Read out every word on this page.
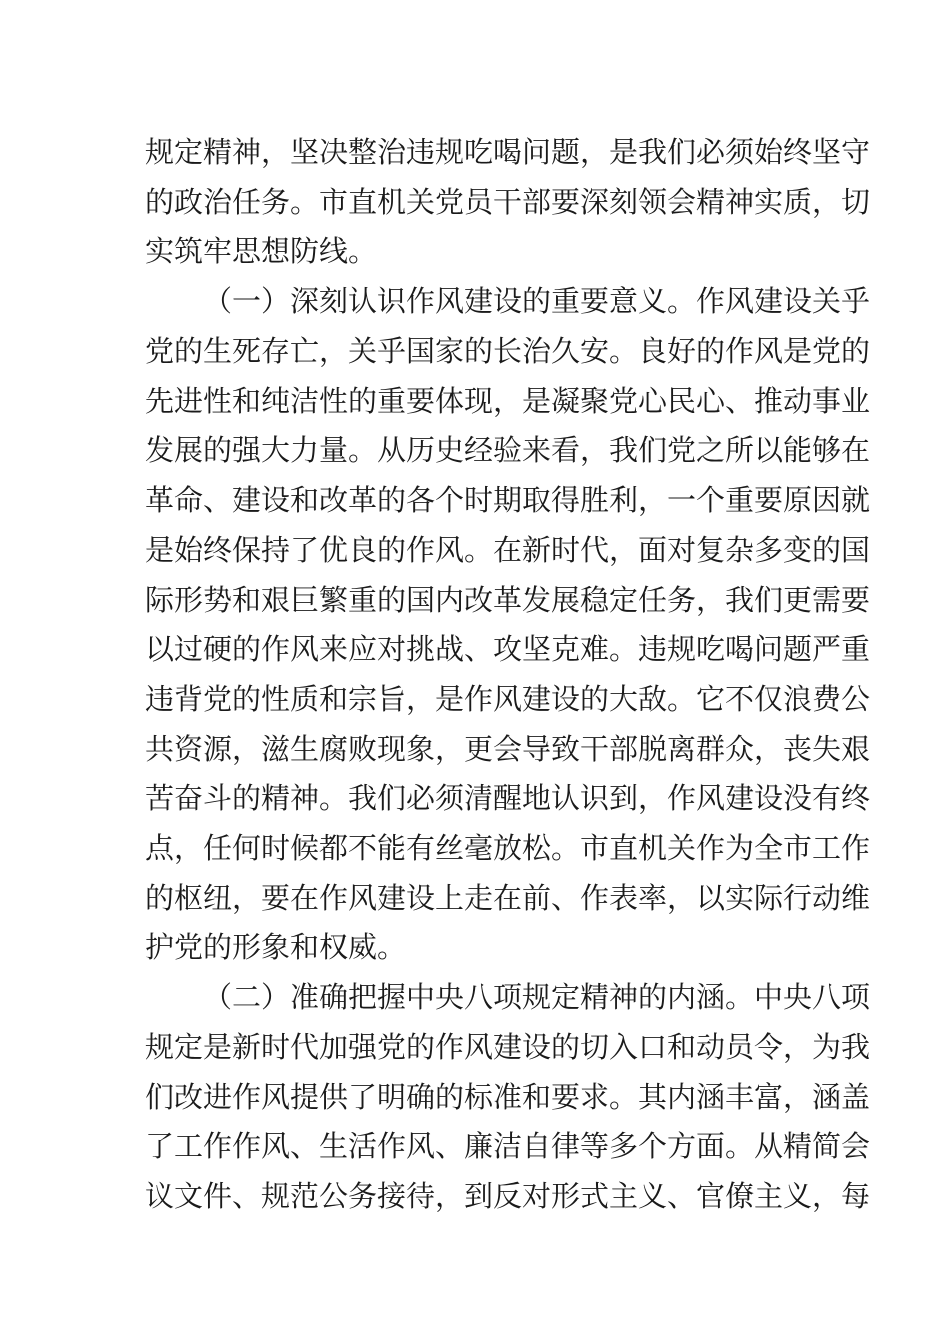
规定精神，坚决整治违规吃喝问题，是我们必须始终坚守
的政治任务。市直机关党员干部要深刻领会精神实质，切
实筑牢思想防线。
（一）深刻认识作风建设的重要意义。作风建设关乎
党的生死存亡，关乎国家的长治久安。良好的作风是党的
先进性和纯洁性的重要体现，是凝聚党心民心、推动事业
发展的强大力量。从历史经验来看，我们党之所以能够在
革命、建设和改革的各个时期取得胜利，一个重要原因就
是始终保持了优良的作风。在新时代，面对复杂多变的国
际形势和艰巨繁重的国内改革发展稳定任务，我们更需要
以过硬的作风来应对挑战、攻坚克难。违规吃喝问题严重
违背党的性质和宗旨，是作风建设的大敌。它不仅浪费公
共资源，滋生腐败现象，更会导致干部脱离群众，丧失艰
苦奋斗的精神。我们必须清醒地认识到，作风建设没有终
点，任何时候都不能有丝毫放松。市直机关作为全市工作
的枢纽，要在作风建设上走在前、作表率，以实际行动维
护党的形象和权威。
（二）准确把握中央八项规定精神的内涵。中央八项
规定是新时代加强党的作风建设的切入口和动员令，为我
们改进作风提供了明确的标准和要求。其内涵丰富，涵盖
了工作作风、生活作风、廉洁自律等多个方面。从精简会
议文件、规范公务接待，到反对形式主义、官僚主义，每
